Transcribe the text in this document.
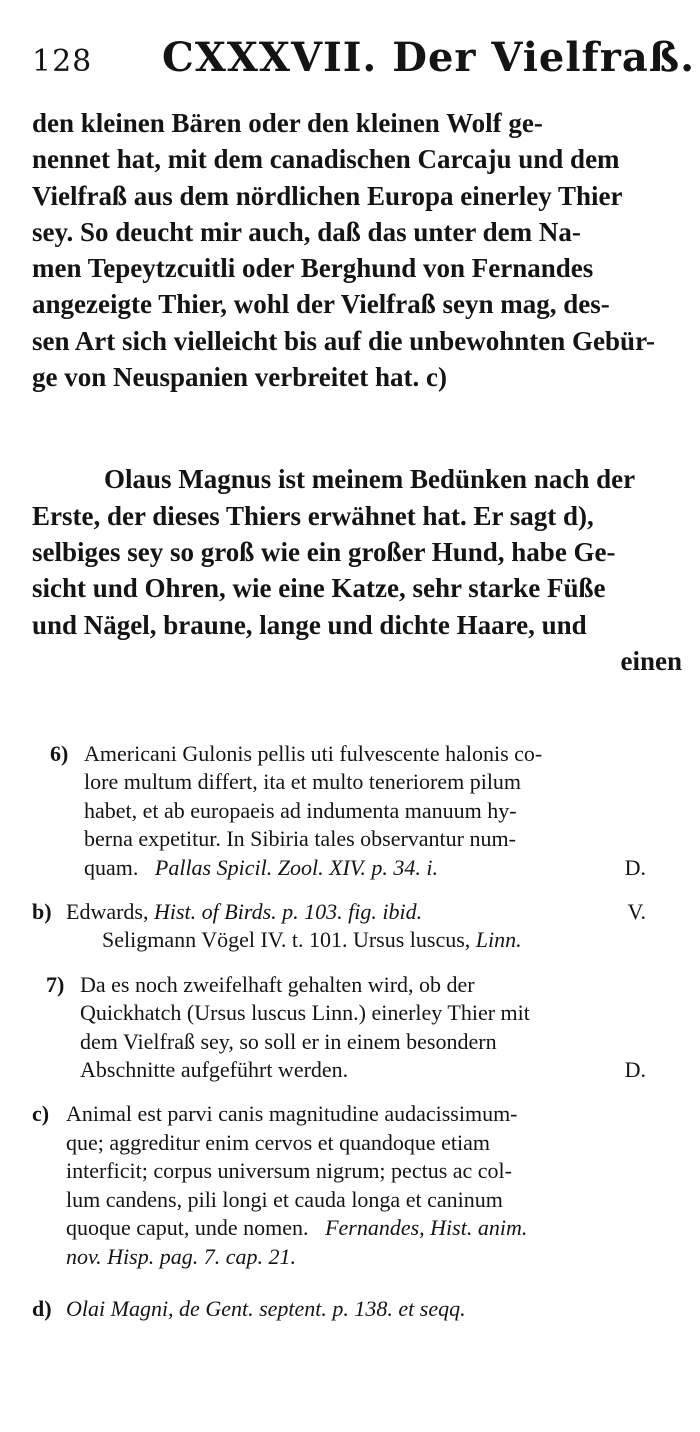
128 CXXXVII. Der Vielfraß.

den kleinen Bären oder den kleinen Wolf ge-
nennet hat, mit dem canadischen Carcaju und dem
Vielfraß aus dem nördlichen Europa einerley Thier
sey. So deucht mir auch, daß das unter dem Na-
men Tepeytzcuitli oder Berghund von Fernandes
angezeigte Thier, wohl der Vielfraß seyn mag, des-
sen Art sich vielleicht bis auf die unbewohnten Gebür-
ge von Neuspanien verbreitet hat. c)

Olaus Magnus ist meinem Bedünken nach der
Erste, der dieses Thiers erwähnet hat. Er sagt d),
selbiges sey so groß wie ein großer Hund, habe Ge-
sicht und Ohren, wie eine Katze, sehr starke Füße
und Nägel, braune, lange und dichte Haare, und
einen

6) Americani Gulonis pellis uti fulvescente halonis co-
lore multum differt, ita et multo teneriorem pilum
habet, et ab europaeis ad indumenta manuum hy-
berna expetitur. In Sibiria tales observantur num-
quam. Pallas Spicil. Zool. XIV. p. 34. i.	D.
b) Edwards, Hist. of Birds. p. 103. fig. ibid.	V.
Seligmann Vögel IV. t. 101. Ursus luscus, Linn.
7) Da es noch zweifelhaft gehalten wird, ob der
Quickhatch (Ursus luscus Linn.) einerley Thier mit
dem Vielfraß sey, so soll er in einem besondern
Abschnitte aufgeführt werden.	D.
c) Animal est parvi canis magnitudine audacissimum-
que; aggreditur enim cervos et quandoque etiam
interficit; corpus universum nigrum; pectus ac col-
lum candens, pili longi et cauda longa et caninum
quoque caput, unde nomen. Fernandes, Hist. anim.
nov. Hisp. pag. 7. cap. 21.
d) Olai Magni, de Gent. septent. p. 138. et seqq.
